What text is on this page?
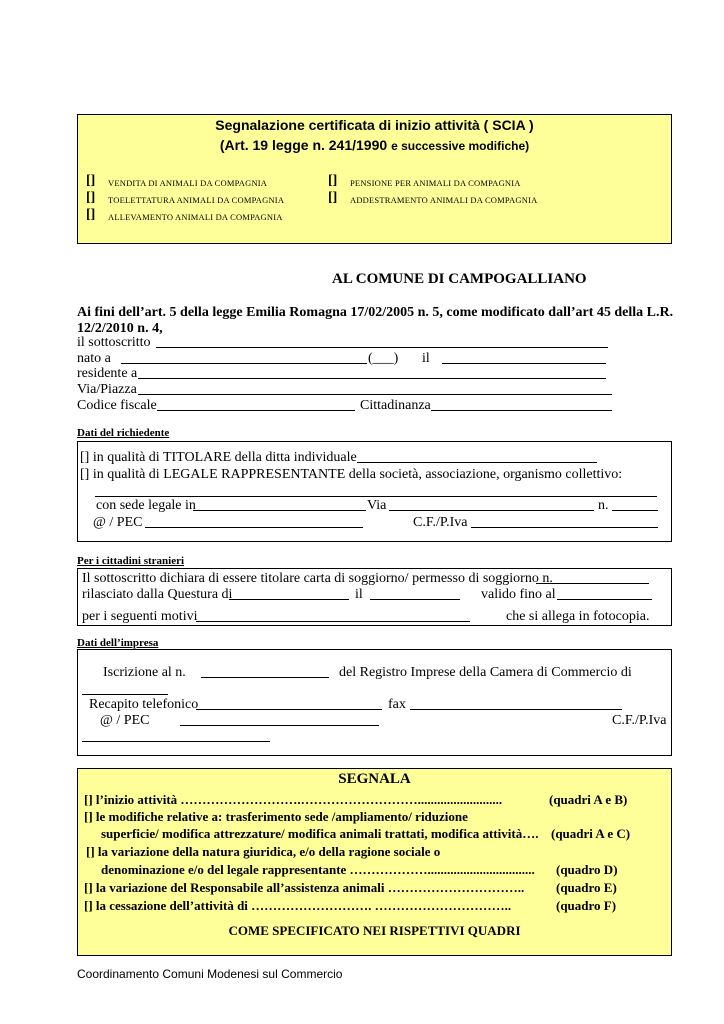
Segnalazione certificata di inizio attività ( SCIA )
(Art. 19 legge n. 241/1990 e successive modifiche)
[] VENDITA DI ANIMALI DA COMPAGNIA
[] TOELETTATURA ANIMALI DA COMPAGNIA
[] ALLEVAMENTO ANIMALI DA COMPAGNIA
[] PENSIONE PER ANIMALI DA COMPAGNIA
[] ADDESTRAMENTO ANIMALI DA COMPAGNIA
AL COMUNE DI CAMPOGALLIANO
Ai fini dell’art. 5 della legge Emilia Romagna 17/02/2005 n. 5, come modificato dall’art 45 della L.R.
12/2/2010 n. 4,
il sottoscritto
nato a	(___) il
residente a
Via/Piazza
Codice fiscale	Cittadinanza
Dati del richiedente
[] in qualità di TITOLARE della ditta individuale
[] in qualità di LEGALE RAPPRESENTANTE della società, associazione, organismo collettivo:
con sede legale in	Via	n.
@ / PEC	C.F./P.Iva
Per i cittadini stranieri
Il sottoscritto dichiara di essere titolare carta di soggiorno/ permesso di soggiorno n.
rilasciato dalla Questura di	il	valido fino al
per i seguenti motivi	che si allega in fotocopia.
Dati dell’impresa
Iscrizione al n.	del Registro Imprese della Camera di Commercio di
Recapito telefonico	fax
@ / PEC	C.F./P.Iva
SEGNALA
[] l’inizio attività ……………………….………………………..........................	(quadri A e B)
[] le modifiche relative a: trasferimento sede /ampliamento/ riduzione
superficie/ modifica attrezzature/ modifica animali trattati, modifica attività…. (quadri A e C)
[] la variazione della natura giuridica, e/o della ragione sociale o
denominazione e/o del legale rappresentante ………………................................. (quadro D)
[] la variazione del Responsabile all’assistenza animali ………………………….. (quadro E)
[] la cessazione dell’attività di ………………………. …………………………..	(quadro F)
COME SPECIFICATO NEI RISPETTIVI QUADRI
Coordinamento Comuni Modenesi sul Commercio
